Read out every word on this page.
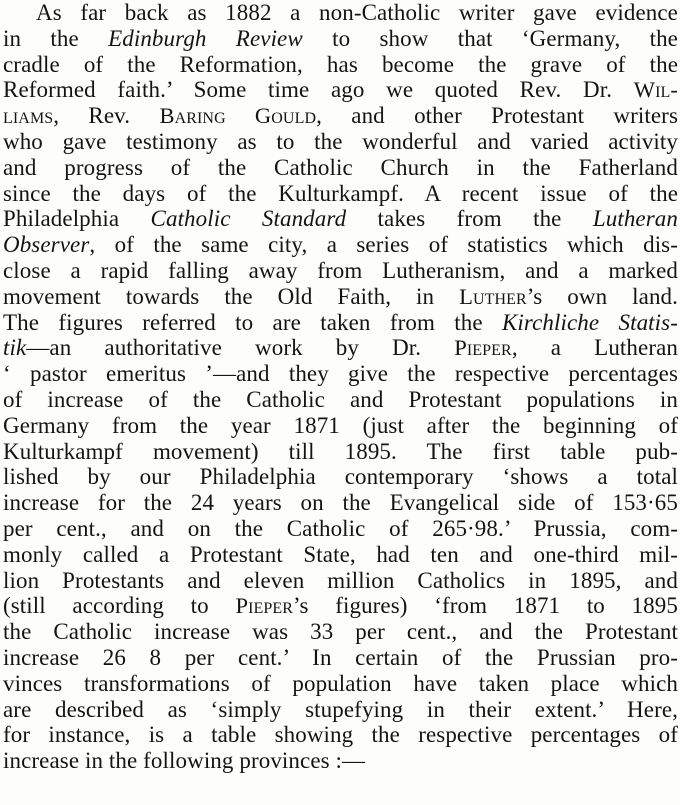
As far back as 1882 a non-Catholic writer gave evidence
in the Edinburgh Review to show that ‘Germany, the
cradle of the Reformation, has become the grave of the
Reformed faith.’ Some time ago we quoted Rev. Dr. Wil-
liams, Rev. Baring Gould, and other Protestant writers
who gave testimony as to the wonderful and varied activity
and progress of the Catholic Church in the Fatherland
since the days of the Kulturkampf. A recent issue of the
Philadelphia Catholic Standard takes from the Lutheran
Observer, of the same city, a series of statistics which dis-
close a rapid falling away from Lutheranism, and a marked
movement towards the Old Faith, in Luther’s own land.
The figures referred to are taken from the Kirchliche Statis-
tik—an authoritative work by Dr. Pieper, a Lutheran
‘ pastor emeritus ’—and they give the respective percentages
of increase of the Catholic and Protestant populations in
Germany from the year 1871 (just after the beginning of
Kulturkampf movement) till 1895. The first table pub-
lished by our Philadelphia contemporary ‘shows a total
increase for the 24 years on the Evangelical side of 153·65
per cent., and on the Catholic of 265·98.’ Prussia, com-
monly called a Protestant State, had ten and one-third mil-
lion Protestants and eleven million Catholics in 1895, and
(still according to Pieper’s figures) ‘from 1871 to 1895
the Catholic increase was 33 per cent., and the Protestant
increase 26 8 per cent.’ In certain of the Prussian pro-
vinces transformations of population have taken place which
are described as ‘simply stupefying in their extent.’ Here,
for instance, is a table showing the respective percentages of
increase in the following provinces :—
